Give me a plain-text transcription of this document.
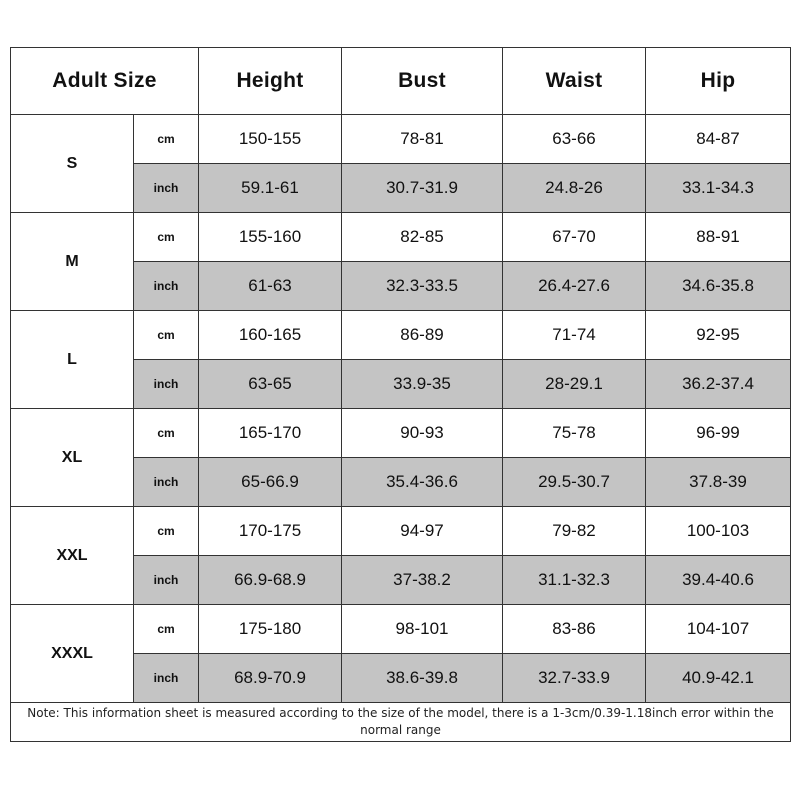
Adult Size		Height	Bust	Waist	Hip
S	cm	150-155	78-81	63-66	84-87
	inch	59.1-61	30.7-31.9	24.8-26	33.1-34.3
M	cm	155-160	82-85	67-70	88-91
	inch	61-63	32.3-33.5	26.4-27.6	34.6-35.8
L	cm	160-165	86-89	71-74	92-95
	inch	63-65	33.9-35	28-29.1	36.2-37.4
XL	cm	165-170	90-93	75-78	96-99
	inch	65-66.9	35.4-36.6	29.5-30.7	37.8-39
XXL	cm	170-175	94-97	79-82	100-103
	inch	66.9-68.9	37-38.2	31.1-32.3	39.4-40.6
XXXL	cm	175-180	98-101	83-86	104-107
	inch	68.9-70.9	38.6-39.8	32.7-33.9	40.9-42.1
Note: This information sheet is measured according to the size of the model, there is a 1-3cm/0.39-1.18inch error within the normal range					
